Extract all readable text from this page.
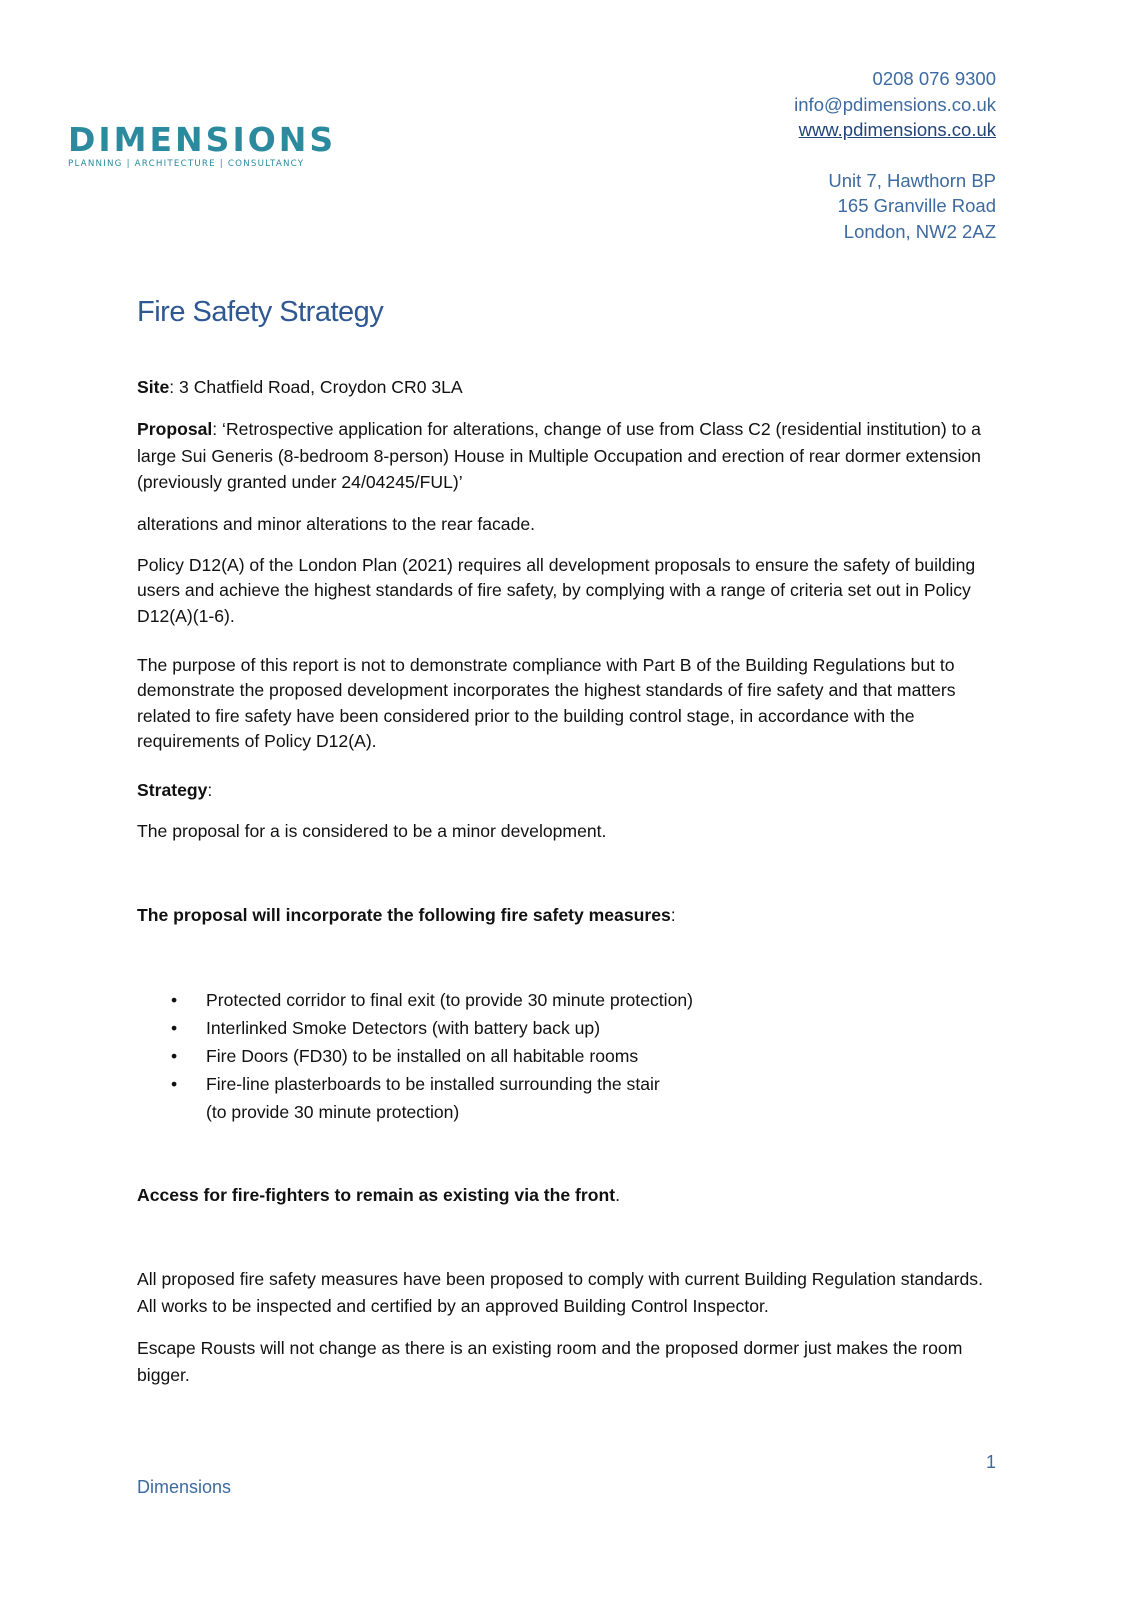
DIMENSIONS
PLANNING | ARCHITECTURE | CONSULTANCY
0208 076 9300
info@pdimensions.co.uk
www.pdimensions.co.uk
Unit 7, Hawthorn BP
165 Granville Road
London, NW2 2AZ
Fire Safety Strategy

Site: 3 Chatfield Road, Croydon CR0 3LA

Proposal: ‘Retrospective application for alterations, change of use from Class C2 (residential institution) to a large Sui Generis (8-bedroom 8-person) House in Multiple Occupation and erection of rear dormer extension (previously granted under 24/04245/FUL)’

alterations and minor alterations to the rear facade.

Policy D12(A) of the London Plan (2021) requires all development proposals to ensure the safety of building users and achieve the highest standards of fire safety, by complying with a range of criteria set out in Policy D12(A)(1-6).

The purpose of this report is not to demonstrate compliance with Part B of the Building Regulations but to demonstrate the proposed development incorporates the highest standards of fire safety and that matters related to fire safety have been considered prior to the building control stage, in accordance with the requirements of Policy D12(A).

Strategy:

The proposal for a is considered to be a minor development.

The proposal will incorporate the following fire safety measures:

• Protected corridor to final exit (to provide 30 minute protection)
• Interlinked Smoke Detectors (with battery back up)
• Fire Doors (FD30) to be installed on all habitable rooms
• Fire-line plasterboards to be installed surrounding the stair
(to provide 30 minute protection)

Access for fire-fighters to remain as existing via the front.

All proposed fire safety measures have been proposed to comply with current Building Regulation standards. All works to be inspected and certified by an approved Building Control Inspector.

Escape Rousts will not change as there is an existing room and the proposed dormer just makes the room bigger.

1
Dimensions
